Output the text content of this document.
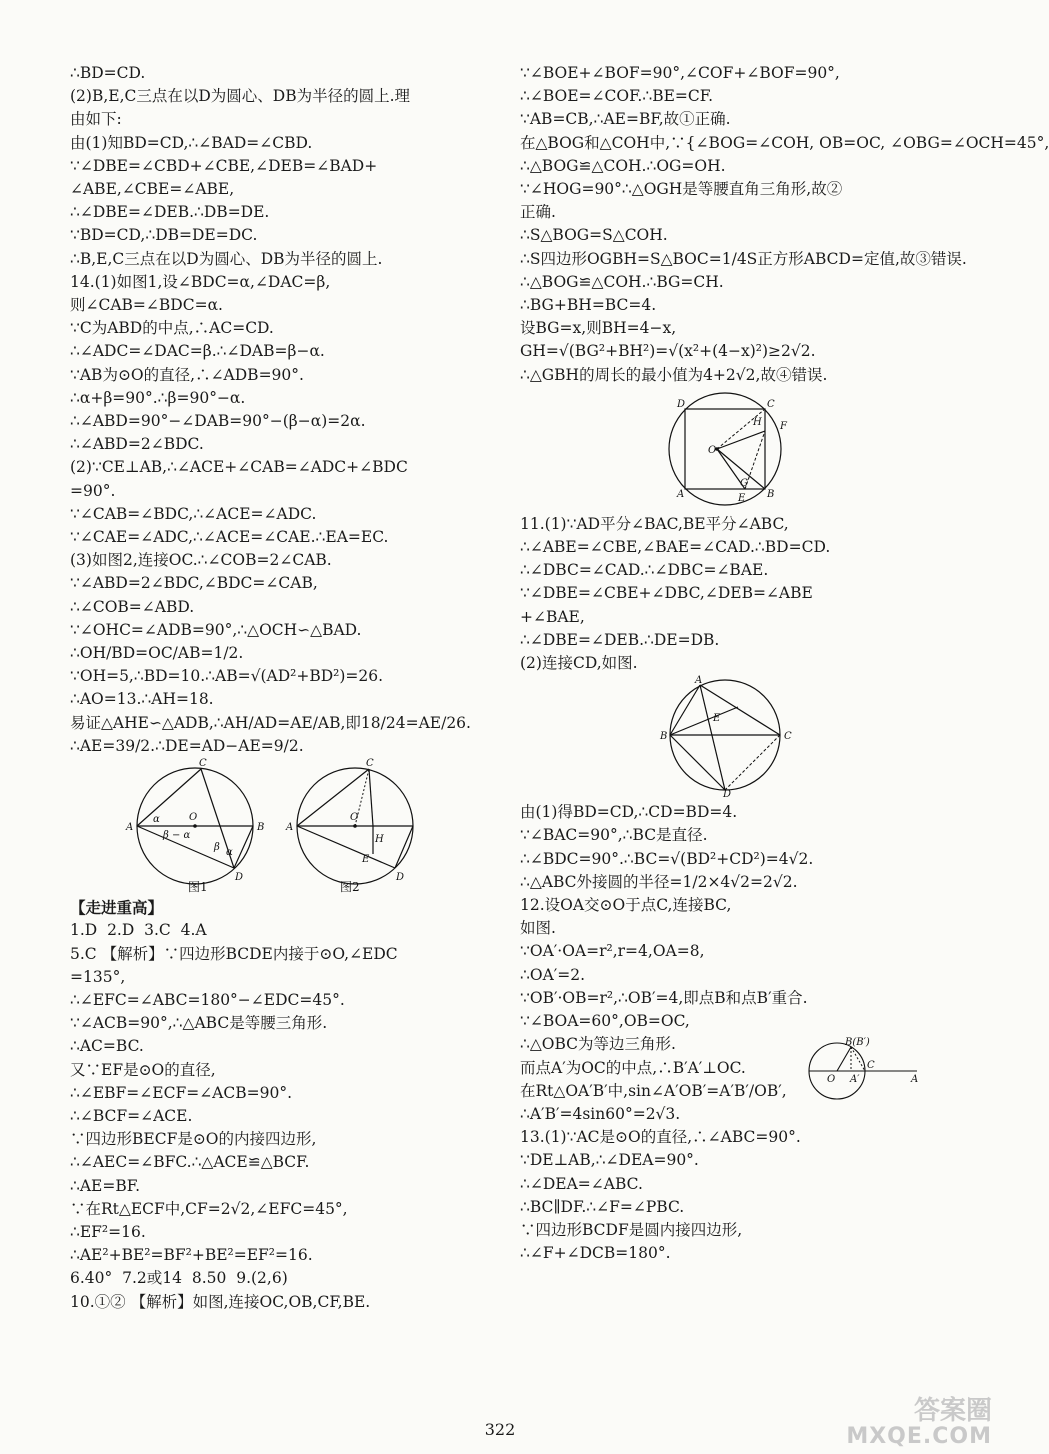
∴BD=CD.
(2)B,E,C三点在以D为圆心、DB为半径的圆上.理
由如下:
由(1)知BD=CD,∴∠BAD=∠CBD.
∵∠DBE=∠CBD+∠CBE,∠DEB=∠BAD+
∠ABE,∠CBE=∠ABE,
∴∠DBE=∠DEB.∴DB=DE.
∵BD=CD,∴DB=DE=DC.
∴B,E,C三点在以D为圆心、DB为半径的圆上.
14.(1)如图1,设∠BDC=α,∠DAC=β,
则∠CAB=∠BDC=α.
∵C为ABD的中点,∴AC=CD.
∴∠ADC=∠DAC=β.∴∠DAB=β−α.
∵AB为⊙O的直径,∴∠ADB=90°.
∴α+β=90°.∴β=90°−α.
∴∠ABD=90°−∠DAB=90°−(β−α)=2α.
∴∠ABD=2∠BDC.
(2)∵CE⊥AB,∴∠ACE+∠CAB=∠ADC+∠BDC
=90°.
∵∠CAB=∠BDC,∴∠ACE=∠ADC.
∵∠CAE=∠ADC,∴∠ACE=∠CAE.∴EA=EC.
(3)如图2,连接OC.∴∠COB=2∠CAB.
∵∠ABD=2∠BDC,∠BDC=∠CAB,
∴∠COB=∠ABD.
∵∠OHC=∠ADB=90°,∴△OCH∽△BAD.
∴OH/BD=OC/AB=1/2.
∵OH=5,∴BD=10.∴AB=√(AD²+BD²)=26.
∴AO=13.∴AH=18.
易证△AHE∽△ADB,∴AH/AD=AE/AB,即18/24=AE/26.
∴AE=39/2.∴DE=AD−AE=9/2.
A	B
C
D
O
α
β − α
β α
图1
A
C
O
H
E
D
图2
【走进重高】
1.D  2.D  3.C  4.A
5.C 【解析】∵四边形BCDE内接于⊙O,∠EDC
=135°,
∴∠EFC=∠ABC=180°−∠EDC=45°.
∵∠ACB=90°,∴△ABC是等腰三角形.
∴AC=BC.
又∵EF是⊙O的直径,
∴∠EBF=∠ECF=∠ACB=90°.
∴∠BCF=∠ACE.
∵四边形BECF是⊙O的内接四边形,
∴∠AEC=∠BFC.∴△ACE≌△BCF.
∴AE=BF.
∵在Rt△ECF中,CF=2√2,∠EFC=45°,
∴EF²=16.
∴AE²+BE²=BF²+BE²=EF²=16.
6.40°  7.2或14  8.50  9.(2,6)
10.①② 【解析】如图,连接OC,OB,CF,BE.
∵∠BOE+∠BOF=90°,∠COF+∠BOF=90°,
∴∠BOE=∠COF.∴BE=CF.
∵AB=CB,∴AE=BF,故①正确.
在△BOG和△COH中,∵{∠BOG=∠COH, OB=OC, ∠OBG=∠OCH=45°,
∴△BOG≌△COH.∴OG=OH.
∵∠HOG=90°∴△OGH是等腰直角三角形,故②
正确.
∴S△BOG=S△COH.
∴S四边形OGBH=S△BOC=1/4S正方形ABCD=定值,故③错误.
∴△BOG≌△COH.∴BG=CH.
∴BG+BH=BC=4.
设BG=x,则BH=4−x,
GH=√(BG²+BH²)=√(x²+(4−x)²)≥2√2.
∴△GBH的周长的最小值为4+2√2,故④错误.
D	C
A	B
O
H F
E
G
11.(1)∵AD平分∠BAC,BE平分∠ABC,
∴∠ABE=∠CBE,∠BAE=∠CAD.∴BD=CD.
∴∠DBC=∠CAD.∴∠DBC=∠BAE.
∵∠DBE=∠CBE+∠DBC,∠DEB=∠ABE
+∠BAE,
∴∠DBE=∠DEB.∴DE=DB.
(2)连接CD,如图.
A
B	C
D
E
由(1)得BD=CD,∴CD=BD=4.
∵∠BAC=90°,∴BC是直径.
∴∠BDC=90°.∴BC=√(BD²+CD²)=4√2.
∴△ABC外接圆的半径=1/2×4√2=2√2.
12.设OA交⊙O于点C,连接BC,
如图.
∵OA′·OA=r²,r=4,OA=8,
∴OA′=2.
∵OB′·OB=r²,∴OB′=4,即点B和点B′重合.
∵∠BOA=60°,OB=OC,
∴△OBC为等边三角形.
而点A′为OC的中点,∴B′A′⊥OC.
在Rt△OA′B′中,sin∠A′OB′=A′B′/OB′,
∴A′B′=4sin60°=2√3.
13.(1)∵AC是⊙O的直径,∴∠ABC=90°.
∵DE⊥AB,∴∠DEA=90°.
∴∠DEA=∠ABC.
∴BC∥DF.∴∠F=∠PBC.
∵四边形BCDF是圆内接四边形,
∴∠F+∠DCB=180°.
B(B′)
O A′
C
A
322
答案圈
MXQE.COM
